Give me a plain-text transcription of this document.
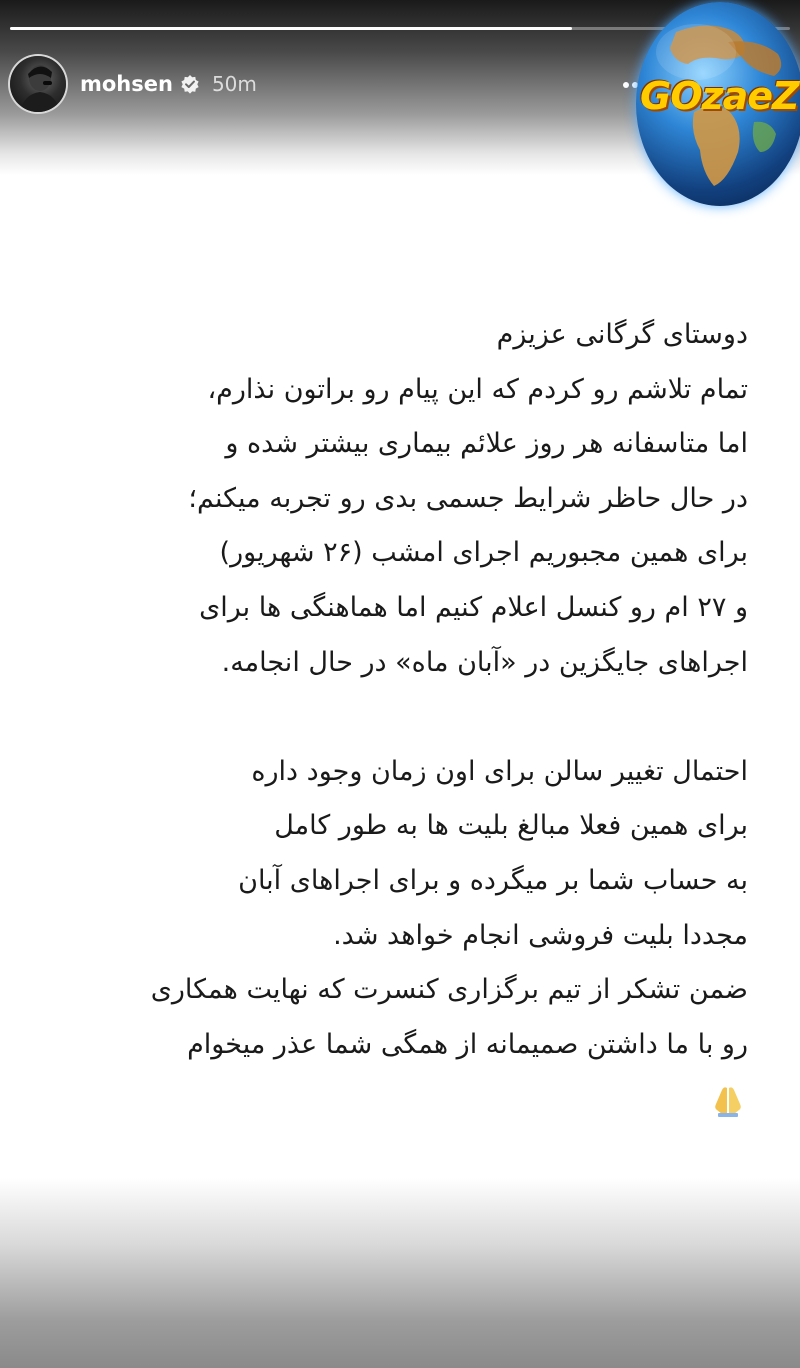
mohsen 50m	GOzaeZ
دوستای گرگانی عزیزم
تمام تلاشم رو کردم که این پیام رو براتون نذارم،
اما متاسفانه هر روز علائم بیماری بیشتر شده و
در حال حاظر شرایط جسمی بدی رو تجربه میکنم؛
برای همین مجبوریم اجرای امشب (۲۶ شهریور)
و ۲۷ ام رو کنسل اعلام کنیم اما هماهنگی ها برای
اجراهای جایگزین در «آبان ماه» در حال انجامه.
احتمال تغییر سالن برای اون زمان وجود داره
برای همین فعلا مبالغ بلیت ها به طور کامل
به حساب شما بر میگرده و برای اجراهای آبان
مجددا بلیت فروشی انجام خواهد شد.
ضمن تشکر از تیم برگزاری کنسرت که نهایت همکاری
رو با ما داشتن صمیمانه از همگی شما عذر میخوام
